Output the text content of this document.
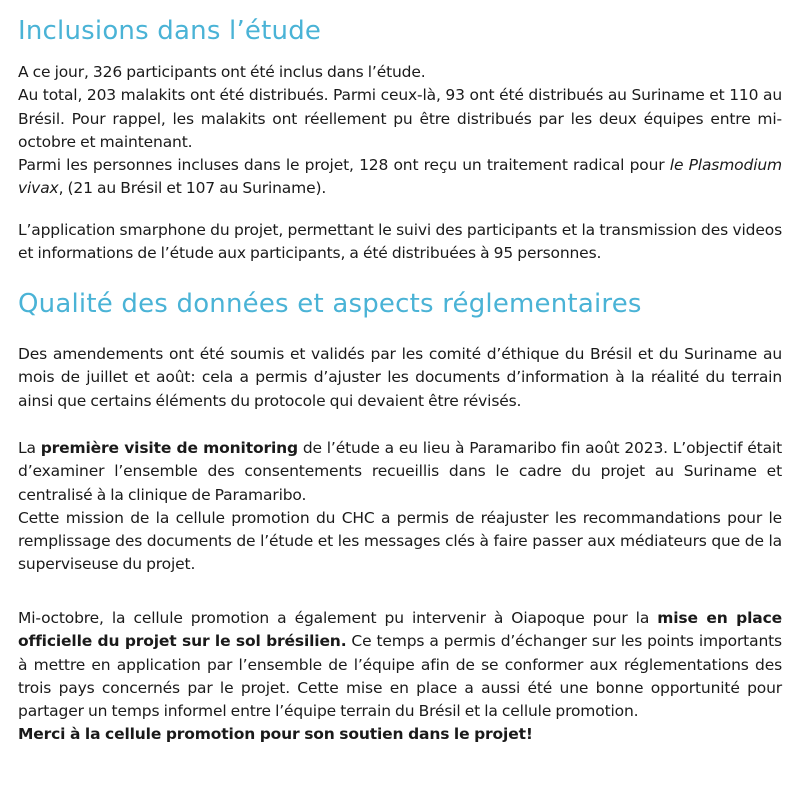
Inclusions dans l’étude

A ce jour, 326 participants ont été inclus dans l’étude.

Au total, 203 malakits ont été distribués. Parmi ceux-là, 93 ont été distribués au Suriname et 110 au Brésil. Pour rappel, les malakits ont réellement pu être distribués par les deux équipes entre mi-octobre et maintenant.

Parmi les personnes incluses dans le projet, 128 ont reçu un traitement radical pour le Plasmodium vivax, (21 au Brésil et 107 au Suriname).

L’application smarphone du projet, permettant le suivi des participants et la transmission des videos et informations de l’étude aux participants, a été distribuées à 95 personnes.

Qualité des données et aspects réglementaires

Des amendements ont été soumis et validés par les comité d’éthique du Brésil et du Suriname au mois de juillet et août: cela a permis d’ajuster les documents d’information à la réalité du terrain ainsi que certains éléments du protocole qui devaient être révisés.

La première visite de monitoring de l’étude a eu lieu à Paramaribo fin août 2023. L’objectif était d’examiner l’ensemble des consentements recueillis dans le cadre du projet au Suriname et centralisé à la clinique de Paramaribo.

Cette mission de la cellule promotion du CHC a permis de réajuster les recommandations pour le remplissage des documents de l’étude et les messages clés à faire passer aux médiateurs que de la superviseuse du projet.

Mi-octobre, la cellule promotion a également pu intervenir à Oiapoque pour la mise en place officielle du projet sur le sol brésilien. Ce temps a permis d’échanger sur les points importants à mettre en application par l’ensemble de l’équipe afin de se conformer aux réglementations des trois pays concernés par le projet. Cette mise en place a aussi été une bonne opportunité pour partager un temps informel entre l’équipe terrain du Brésil et la cellule promotion.

Merci à la cellule promotion pour son soutien dans le projet!
